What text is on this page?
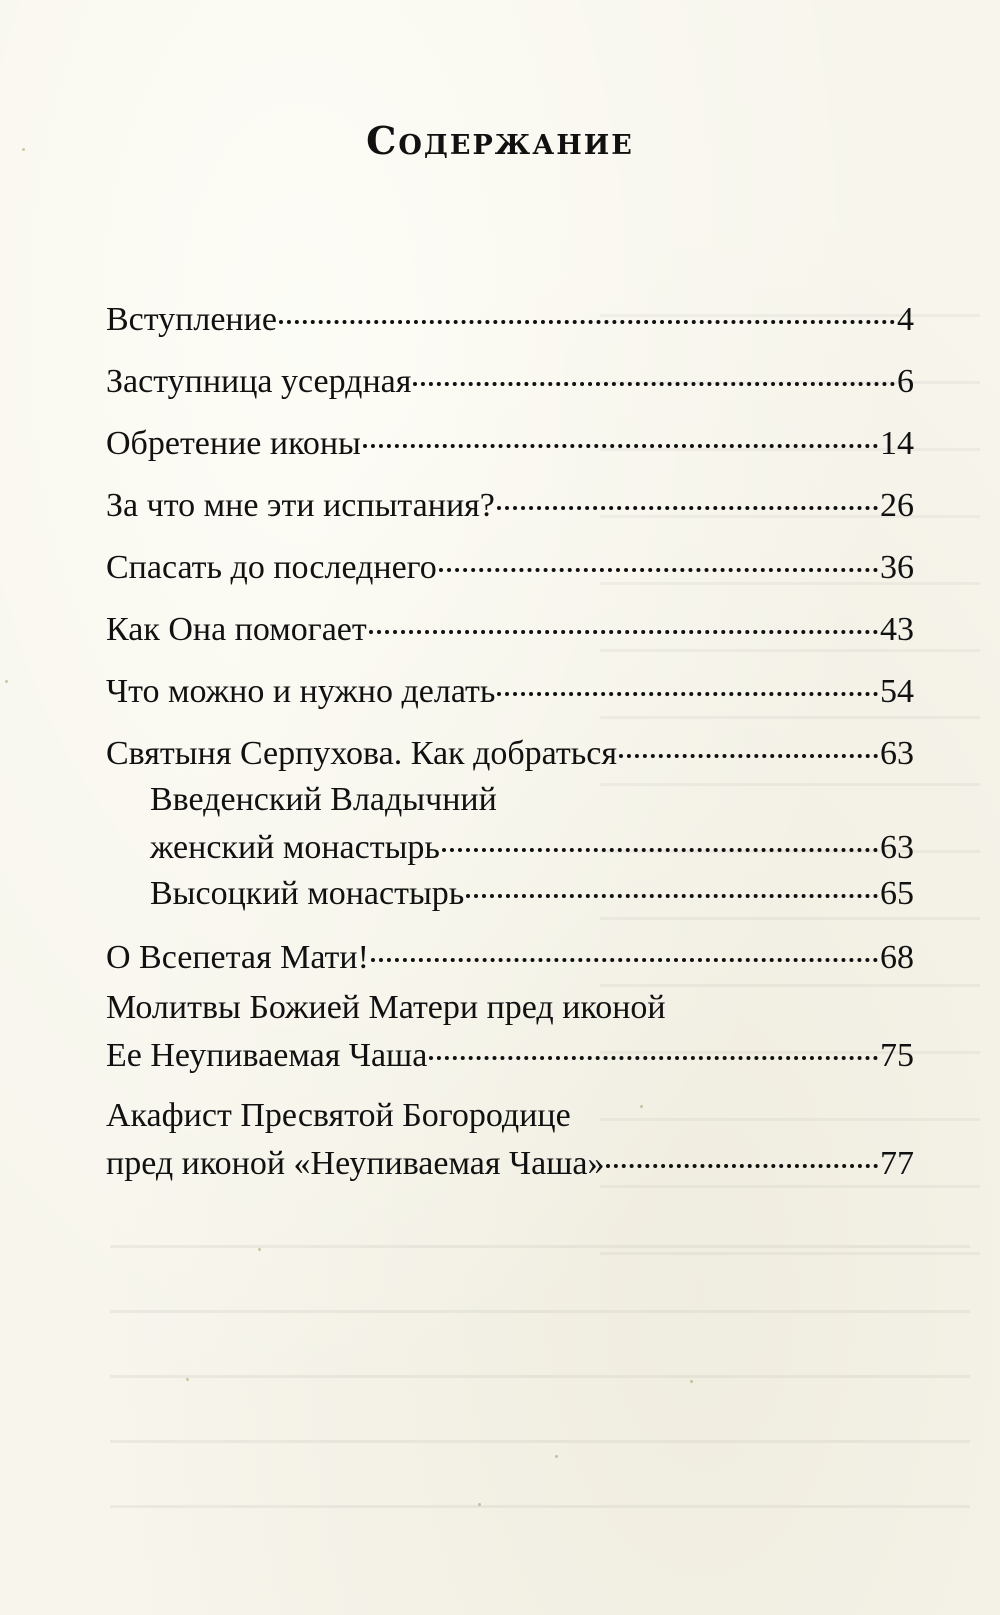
Содержание
Вступление	4
Заступница усердная	6
Обретение иконы	14
За что мне эти испытания?	26
Спасать до последнего	36
Как Она помогает	43
Что можно и нужно делать	54
Святыня Серпухова. Как добраться	63
Введенский Владычний
женский монастырь	63
Высоцкий монастырь	65
О Всепетая Мати!	68
Молитвы Божией Матери пред иконой
Ее Неупиваемая Чаша	75
Акафист Пресвятой Богородице
пред иконой «Неупиваемая Чаша»	77
